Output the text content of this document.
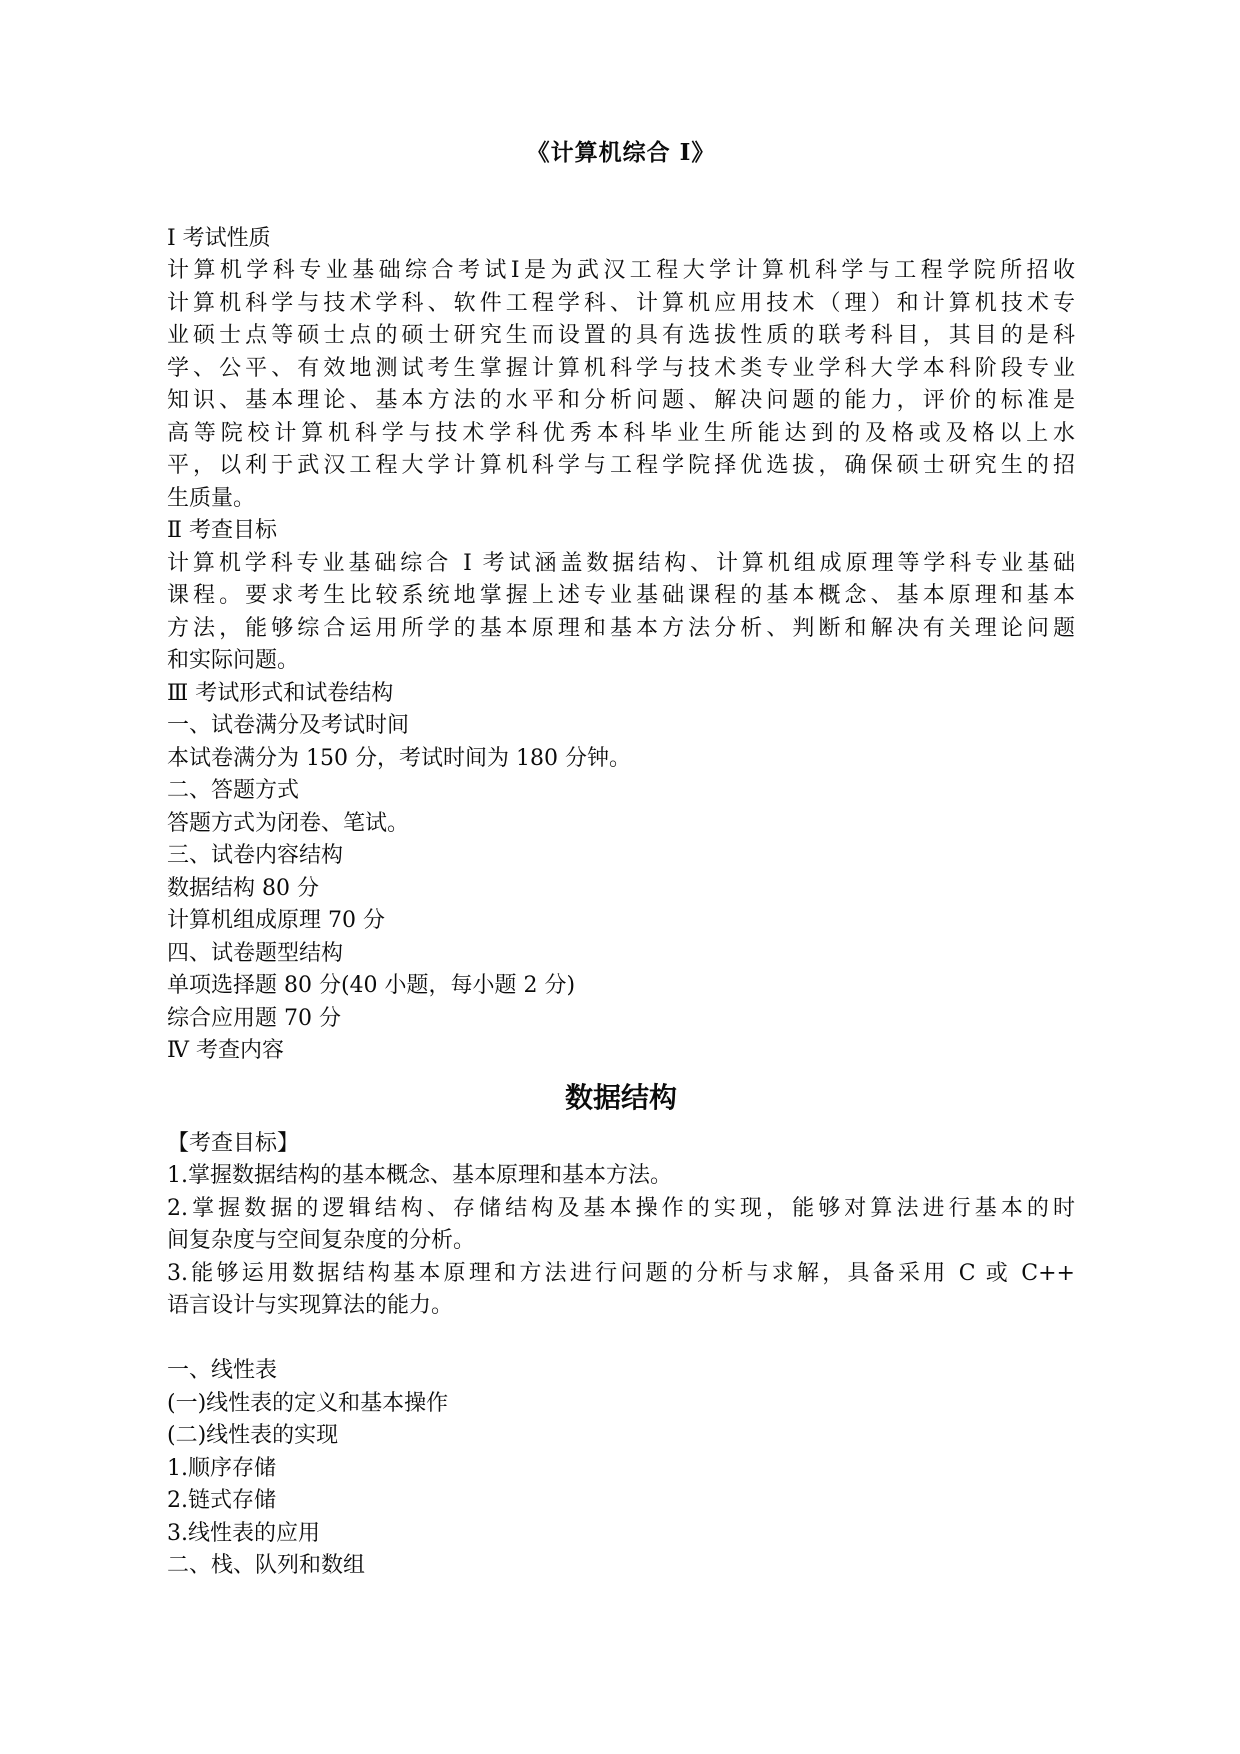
《计算机综合 I》
I 考试性质
计算机学科专业基础综合考试I是为武汉工程大学计算机科学与工程学院所招收
计算机科学与技术学科、软件工程学科、计算机应用技术（理）和计算机技术专
业硕士点等硕士点的硕士研究生而设置的具有选拔性质的联考科目，其目的是科
学、公平、有效地测试考生掌握计算机科学与技术类专业学科大学本科阶段专业
知识、基本理论、基本方法的水平和分析问题、解决问题的能力，评价的标准是
高等院校计算机科学与技术学科优秀本科毕业生所能达到的及格或及格以上水
平，以利于武汉工程大学计算机科学与工程学院择优选拔，确保硕士研究生的招
生质量。
Ⅱ 考查目标
计算机学科专业基础综合 I 考试涵盖数据结构、计算机组成原理等学科专业基础
课程。要求考生比较系统地掌握上述专业基础课程的基本概念、基本原理和基本
方法，能够综合运用所学的基本原理和基本方法分析、判断和解决有关理论问题
和实际问题。
Ⅲ 考试形式和试卷结构
一、试卷满分及考试时间
本试卷满分为 150 分，考试时间为 180 分钟。
二、答题方式
答题方式为闭卷、笔试。
三、试卷内容结构
数据结构 80 分
计算机组成原理 70 分
四、试卷题型结构
单项选择题 80 分(40 小题，每小题 2 分)
综合应用题 70 分
Ⅳ 考查内容
数据结构
【考查目标】
1.掌握数据结构的基本概念、基本原理和基本方法。
2.掌握数据的逻辑结构、存储结构及基本操作的实现，能够对算法进行基本的时
间复杂度与空间复杂度的分析。
3.能够运用数据结构基本原理和方法进行问题的分析与求解，具备采用 C 或 C++
语言设计与实现算法的能力。
一、线性表
(一)线性表的定义和基本操作
(二)线性表的实现
1.顺序存储
2.链式存储
3.线性表的应用
二、栈、队列和数组
